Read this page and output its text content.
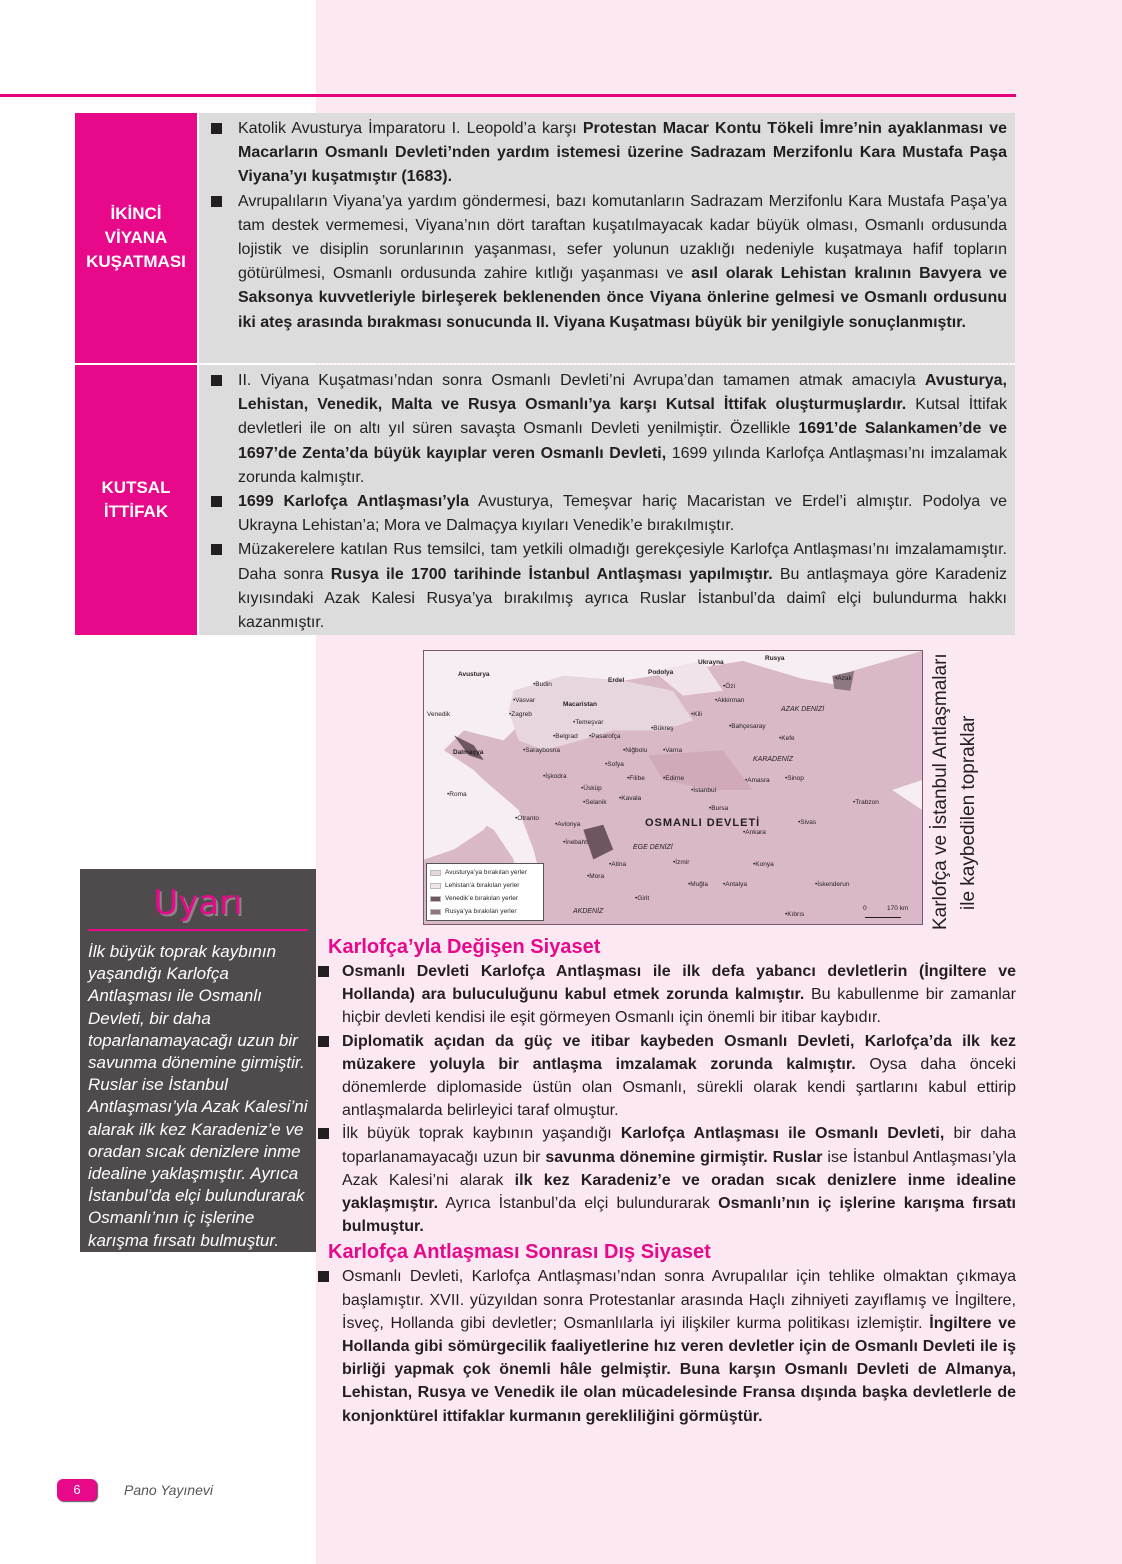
İKİNCİ
VİYANA
KUŞATMASI
Katolik Avusturya İmparatoru I. Leopold’a karşı Protestan Macar Kontu Tökeli İmre’nin ayaklanması ve Macarların Osmanlı Devleti’nden yardım istemesi üzerine Sadrazam Merzifonlu Kara Mustafa Paşa Viyana’yı kuşatmıştır (1683).
Avrupalıların Viyana’ya yardım göndermesi, bazı komutanların Sadrazam Merzifonlu Kara Mustafa Paşa’ya tam destek vermemesi, Viyana’nın dört taraftan kuşatılmayacak kadar büyük olması, Osmanlı ordusunda lojistik ve disiplin sorunlarının yaşanması, sefer yolunun uzaklığı nedeniyle kuşatmaya hafif topların götürülmesi, Osmanlı ordusunda zahire kıtlığı yaşanması ve asıl olarak Lehistan kralının Bavyera ve Saksonya kuvvetleriyle birleşerek beklenenden önce Viyana önlerine gelmesi ve Osmanlı ordusunu iki ateş arasında bırakması sonucunda II. Viyana Kuşatması büyük bir yenilgiyle sonuçlanmıştır.
KUTSAL
İTTİFAK
II. Viyana Kuşatması’ndan sonra Osmanlı Devleti’ni Avrupa’dan tamamen atmak amacıyla Avusturya, Lehistan, Venedik, Malta ve Rusya Osmanlı’ya karşı Kutsal İttifak oluşturmuşlardır. Kutsal İttifak devletleri ile on altı yıl süren savaşta Osmanlı Devleti yenilmiştir. Özellikle 1691’de Salankamen’de ve 1697’de Zenta’da büyük kayıplar veren Osmanlı Devleti, 1699 yılında Karlofça Antlaşması’nı imzalamak zorunda kalmıştır.
1699 Karlofça Antlaşması’yla Avusturya, Temeşvar hariç Macaristan ve Erdel’i almıştır. Podolya ve Ukrayna Lehistan’a; Mora ve Dalmaçya kıyıları Venedik’e bırakılmıştır.
Müzakerelere katılan Rus temsilci, tam yetkili olmadığı gerekçesiyle Karlofça Antlaşması’nı imzalamamıştır. Daha sonra Rusya ile 1700 tarihinde İstanbul Antlaşması yapılmıştır. Bu antlaşmaya göre Karadeniz kıyısındaki Azak Kalesi Rusya’ya bırakılmış ayrıca Ruslar İstanbul’da daimî elçi bulundurma hakkı kazanmıştır.
Avusturya
Erdel
Podolya
Ukrayna
Rusya
Macaristan
Venedik
Dalmaçya
OSMANLI DEVLETİ
AZAK DENİZİ
KARADENİZ
EGE DENİZİ
AKDENİZ
•Budin
•Vasvar
•Zagreb
•Temeşvar
•Belgrad •Pasarofça
•Saraybosna
•Akkirman
•Kili
•Özi
•Azak
•Bükreş
•Niğbolu •Varna
•Bahçesaray
•Kefe
•Roma
•İşkodra
•Üsküp
•Sofya
•Filibe	•Edirne
•İstanbul
•Selanik
•Kavala
•Otranto
•Avlonya
•Bursa
•Amasra •Sinop
•Trabzon
•Ankara
•Sivas
•İnebahtı
•Atina
•Mora
•İzmir
•Muğla •Antalya
•Konya
•İskenderun
•Girit
•Kıbrıs
Avusturya’ya bırakılan yerler
Lehistan’a bırakılan yerler
Venedik’e bırakılan yerler
Rusya’ya bırakılan yerler	0	170 km Karlofça ve İstanbul Antlaşmaları ile kaybedilen topraklar
Uyarı
İlk büyük toprak kaybının yaşandığı Karlofça Antlaşması ile Osmanlı Devleti, bir daha toparlanamayacağı uzun bir savunma dönemine girmiştir. Ruslar ise İstanbul Antlaşması’yla Azak Kalesi’ni alarak ilk kez Karadeniz’e ve oradan sıcak denizlere inme idealine yaklaşmıştır. Ayrıca İstanbul’da elçi bulundurarak Osmanlı’nın iç işlerine karışma fırsatı bulmuştur.
Karlofça’yla Değişen Siyaset
Osmanlı Devleti Karlofça Antlaşması ile ilk defa yabancı devletlerin (İngiltere ve Hollanda) ara buluculuğunu kabul etmek zorunda kalmıştır. Bu kabullenme bir zamanlar hiçbir devleti kendisi ile eşit görmeyen Osmanlı için önemli bir itibar kaybıdır.
Diplomatik açıdan da güç ve itibar kaybeden Osmanlı Devleti, Karlofça’da ilk kez müzakere yoluyla bir antlaşma imzalamak zorunda kalmıştır. Oysa daha önceki dönemlerde diplomaside üstün olan Osmanlı, sürekli olarak kendi şartlarını kabul ettirip antlaşmalarda belirleyici taraf olmuştur.
İlk büyük toprak kaybının yaşandığı Karlofça Antlaşması ile Osmanlı Devleti, bir daha toparlanamayacağı uzun bir savunma dönemine girmiştir. Ruslar ise İstanbul Antlaşması’yla Azak Kalesi’ni alarak ilk kez Karadeniz’e ve oradan sıcak denizlere inme idealine yaklaşmıştır. Ayrıca İstanbul’da elçi bulundurarak Osmanlı’nın iç işlerine karışma fırsatı bulmuştur.
Karlofça Antlaşması Sonrası Dış Siyaset
Osmanlı Devleti, Karlofça Antlaşması’ndan sonra Avrupalılar için tehlike olmaktan çıkmaya başlamıştır. XVII. yüzyıldan sonra Protestanlar arasında Haçlı zihniyeti zayıflamış ve İngiltere, İsveç, Hollanda gibi devletler; Osmanlılarla iyi ilişkiler kurma politikası izlemiştir. İngiltere ve Hollanda gibi sömürgecilik faaliyetlerine hız veren devletler için de Osmanlı Devleti ile iş birliği yapmak çok önemli hâle gelmiştir. Buna karşın Osmanlı Devleti de Almanya, Lehistan, Rusya ve Venedik ile olan mücadelesinde Fransa dışında başka devletlerle de konjonktürel ittifaklar kurmanın gerekliliğini görmüştür.
6	Pano Yayınevi
